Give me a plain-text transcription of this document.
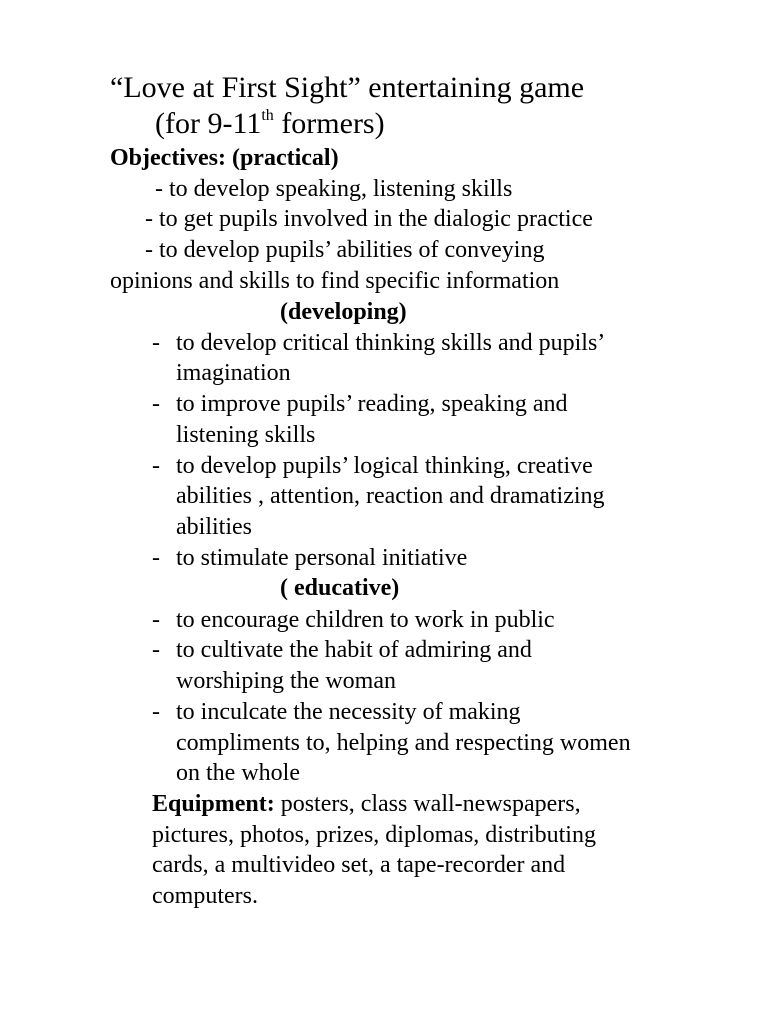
“Love at First Sight” entertaining game
(for 9-11th formers)
Objectives: (practical)
- to develop speaking, listening skills
- to get pupils involved in the dialogic practice
- to develop pupils’ abilities of conveying
opinions and skills to find specific information
(developing)
- to develop critical thinking skills and pupils’
imagination
- to improve pupils’ reading, speaking and
listening skills
- to develop pupils’ logical thinking, creative
abilities , attention, reaction and dramatizing
abilities
- to stimulate personal initiative
( educative)
- to encourage children to work in public
- to cultivate the habit of admiring and
worshiping the woman
- to inculcate the necessity of making
compliments to, helping and respecting women
on the whole
Equipment: posters, class wall-newspapers,
pictures, photos, prizes, diplomas, distributing
cards, a multivideo set, a tape-recorder and
computers.
